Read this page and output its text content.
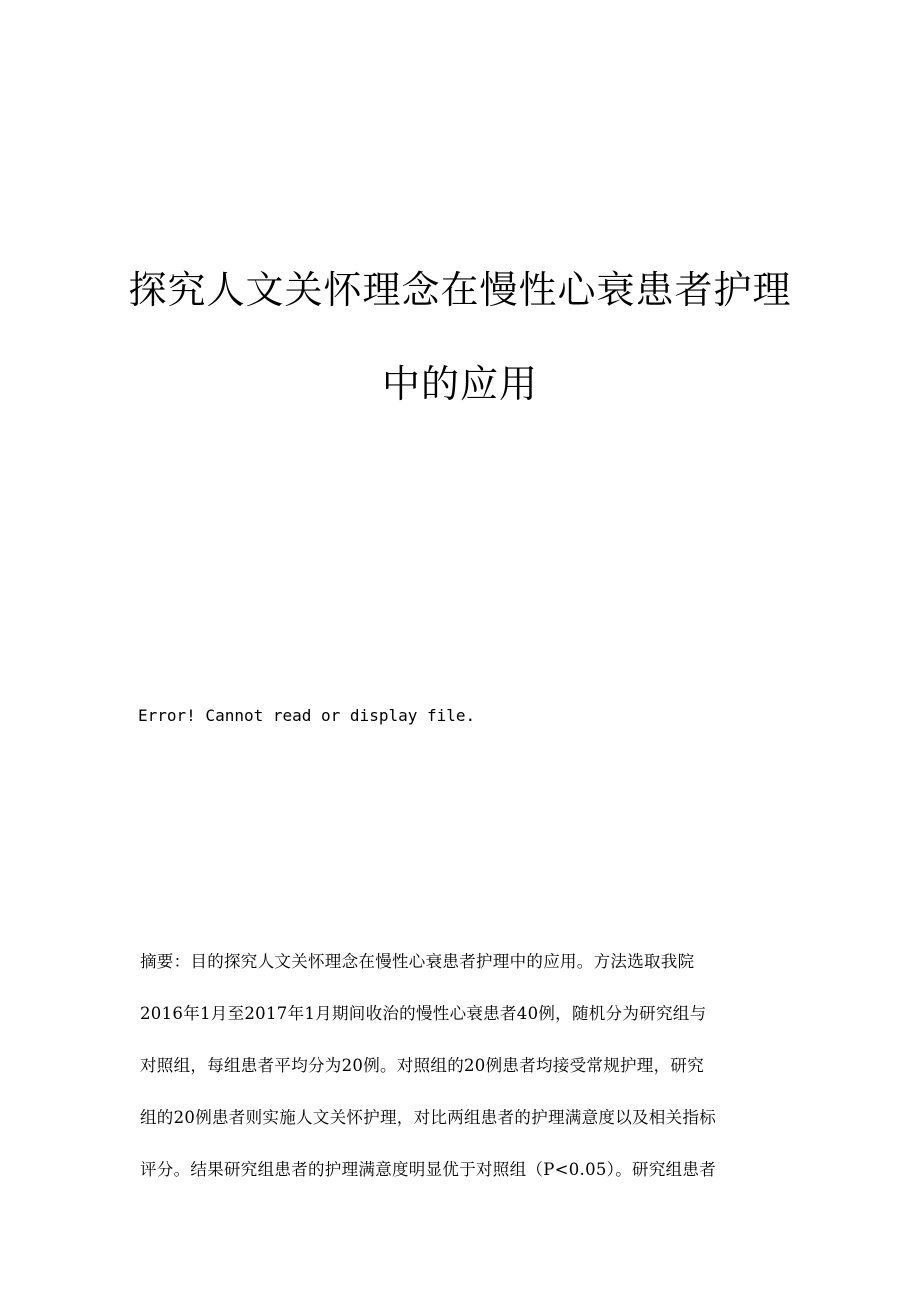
探究人文关怀理念在慢性心衰患者护理
中的应用

Error! Cannot read or display file.

摘要：目的探究人文关怀理念在慢性心衰患者护理中的应用。方法选取我院
2016年1月至2017年1月期间收治的慢性心衰患者40例，随机分为研究组与
对照组，每组患者平均分为20例。对照组的20例患者均接受常规护理，研究
组的20例患者则实施人文关怀护理，对比两组患者的护理满意度以及相关指标
评分。结果研究组患者的护理满意度明显优于对照组（P<0.05）。研究组患者
